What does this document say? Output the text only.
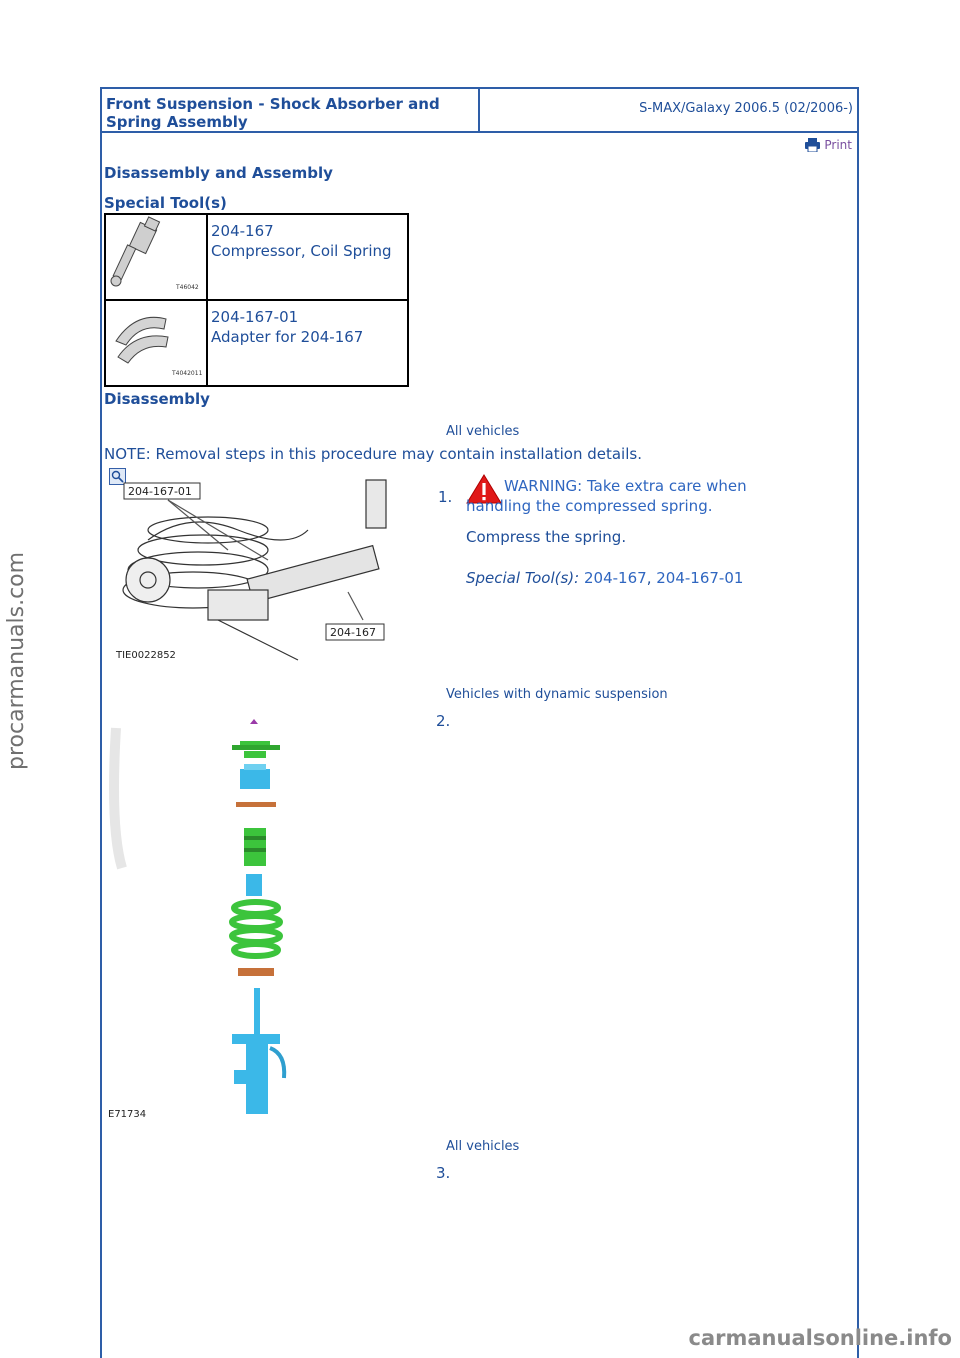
Front Suspension - Shock Absorber and Spring Assembly
S-MAX/Galaxy 2006.5 (02/2006-)
Print
Disassembly and Assembly
Special Tool(s)
T46042	204-167
Compressor, Coil Spring

T4042011	204-167-01
Adapter for 204-167
Disassembly
All vehicles
NOTE: Removal steps in this procedure may contain installation details.
204-167-01
204-167
TIE0022852
1.
WARNING: Take extra care when handling the compressed spring.
Compress the spring.
Special Tool(s): 204-167, 204-167-01
Vehicles with dynamic suspension
2.
E71734
All vehicles
3.
procarmanuals.com
carmanualsonline.info
